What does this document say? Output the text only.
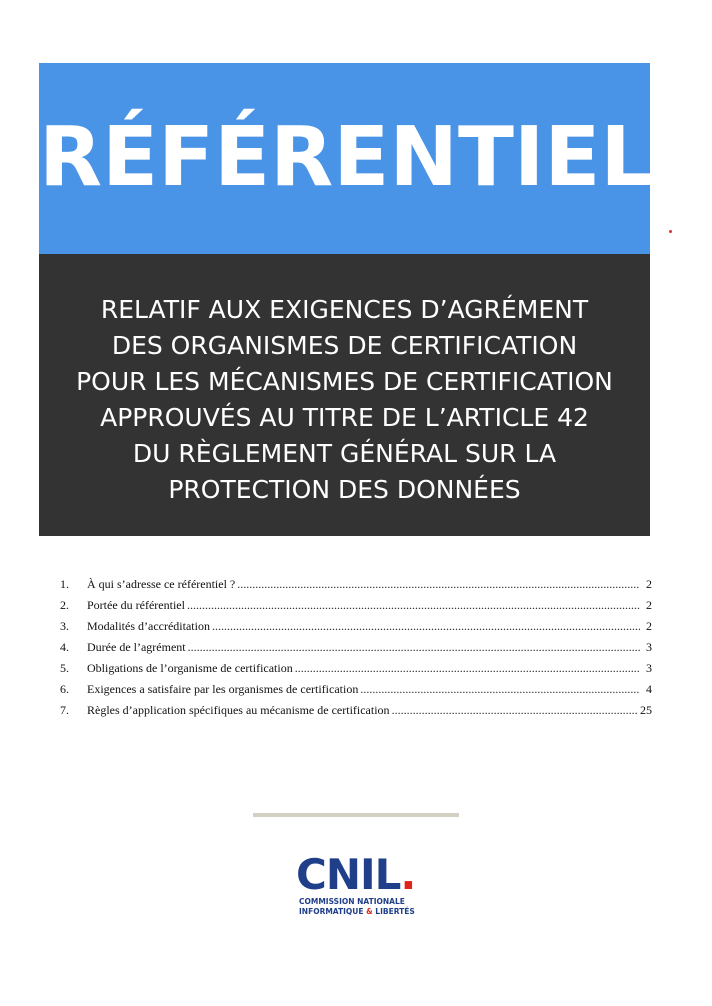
RÉFÉRENTIEL
RELATIF AUX EXIGENCES D’AGRÉMENT
DES ORGANISMES DE CERTIFICATION
POUR LES MÉCANISMES DE CERTIFICATION
APPROUVÉS AU TITRE DE L’ARTICLE 42
DU RÈGLEMENT GÉNÉRAL SUR LA
PROTECTION DES DONNÉES
1.	À qui s’adresse ce référentiel ? .....	2
2.	Portée du référentiel .....	2
3.	Modalités d’accréditation .....	2
4.	Durée de l’agrément .....	3
5.	Obligations de l’organisme de certification .....	3
6.	Exigences a satisfaire par les organismes de certification .....	4
7.	Règles d’application spécifiques au mécanisme de certification .....	25
CNIL.
COMMISSION NATIONALE
INFORMATIQUE & LIBERTÉS
